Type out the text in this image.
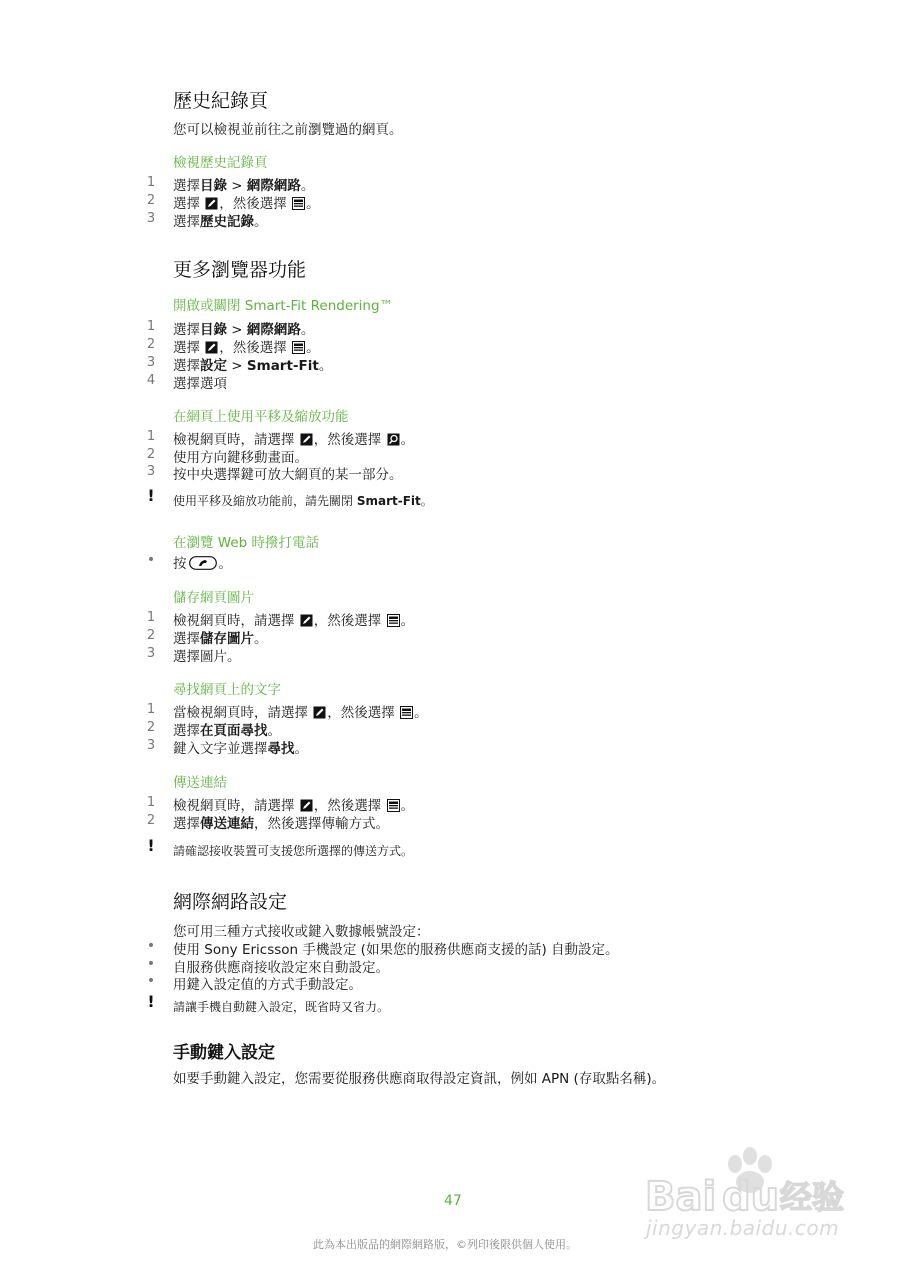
歷史紀錄頁
您可以檢視並前往之前瀏覽過的網頁。
檢視歷史記錄頁
1 選擇目錄 > 網際網路。
2 選擇 ，然後選擇 。
3 選擇歷史記錄。
更多瀏覽器功能
開啟或關閉 Smart-Fit Rendering™
1 選擇目錄 > 網際網路。
2 選擇 ，然後選擇 。
3 選擇設定 > Smart-Fit。
4 選擇選項
在網頁上使用平移及縮放功能
1 檢視網頁時，請選擇 ，然後選擇 。
2 使用方向鍵移動畫面。
3 按中央選擇鍵可放大網頁的某一部分。
! 使用平移及縮放功能前，請先關閉 Smart-Fit。
在瀏覽 Web 時撥打電話
• 按 。
儲存網頁圖片
1 檢視網頁時，請選擇 ，然後選擇 。
2 選擇儲存圖片。
3 選擇圖片。
尋找網頁上的文字
1 當檢視網頁時，請選擇 ，然後選擇 。
2 選擇在頁面尋找。
3 鍵入文字並選擇尋找。
傳送連結
1 檢視網頁時，請選擇 ，然後選擇 。
2 選擇傳送連結，然後選擇傳輸方式。
! 請確認接收裝置可支援您所選擇的傳送方式。
網際網路設定
您可用三種方式接收或鍵入數據帳號設定：
• 使用 Sony Ericsson 手機設定 (如果您的服務供應商支援的話) 自動設定。
• 自服務供應商接收設定來自動設定。
• 用鍵入設定值的方式手動設定。
! 請讓手機自動鍵入設定，既省時又省力。
手動鍵入設定
如要手動鍵入設定，您需要從服務供應商取得設定資訊，例如 APN (存取點名稱)。
47
此為本出版品的網際網路版，©列印後限供個人使用。
Bai du 经验
jingyan.baidu.com
